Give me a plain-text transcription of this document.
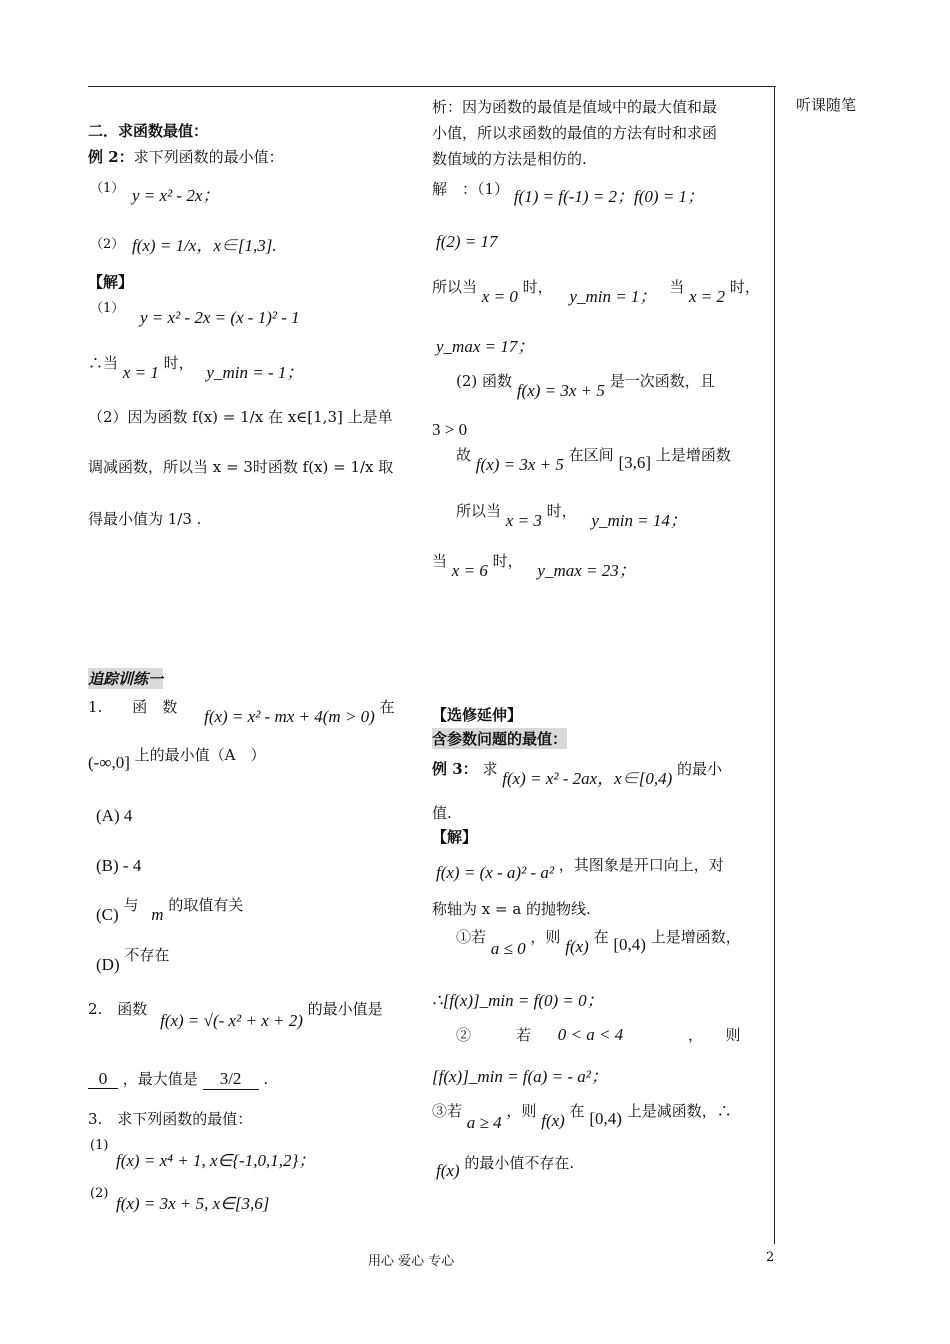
听课随笔
二．求函数最值：
例 2：求下列函数的最小值：
（1） y = x² - 2x；
（2） f(x) = 1/x，x∈[1,3].
【解】
（1） y = x² - 2x = (x - 1)² - 1
∴当 x = 1 时， y_min = - 1；
（2）因为函数 f(x) = 1/x 在 x∈[1,3] 上是单
调减函数，所以当 x = 3时函数 f(x) = 1/x 取
得最小值为 1/3 .
析：因为函数的最值是值域中的最大值和最
小值，所以求函数的最值的方法有时和求函
数值域的方法是相仿的.
解　：（1） f(1) = f(-1) = 2；f(0) = 1；
f(2) = 17
所以当 x = 0 时， y_min = 1； 当 x = 2 时，
y_max = 17；
(2) 函数 f(x) = 3x + 5 是一次函数，且
3 > 0
故 f(x) = 3x + 5 在区间 [3,6] 上是增函数
所以当 x = 3 时， y_min = 14；
当 x = 6 时， y_max = 23；
追踪训练一
1.　　函　数 f(x) = x² - mx + 4(m > 0) 在
(-∞,0] 上的最小值（A　）
(A) 4
(B) - 4
(C) 与 m 的取值有关
(D) 不存在
2.　函数 f(x) = √(- x² + x + 2) 的最小值是
0 ，最大值是 3/2 .
3.　求下列函数的最值：
(1)
f(x) = x⁴ + 1, x∈{-1,0,1,2}；
(2)
f(x) = 3x + 5, x∈[3,6]
【选修延伸】
含参数问题的最值：
例 3： 求 f(x) = x² - 2ax，x∈[0,4) 的最小
值.
【解】
f(x) = (x - a)² - a² ，其图象是开口向上，对
称轴为 x = a 的抛物线.
①若 a ≤ 0 ，则 f(x) 在 [0,4) 上是增函数，
∴[f(x)]_min = f(0) = 0；
②　　　若 0 < a < 4	，　　则
[f(x)]_min = f(a) = - a²；
③若 a ≥ 4 ，则 f(x) 在 [0,4) 上是减函数，∴
f(x) 的最小值不存在.
用心 爱心 专心	2
